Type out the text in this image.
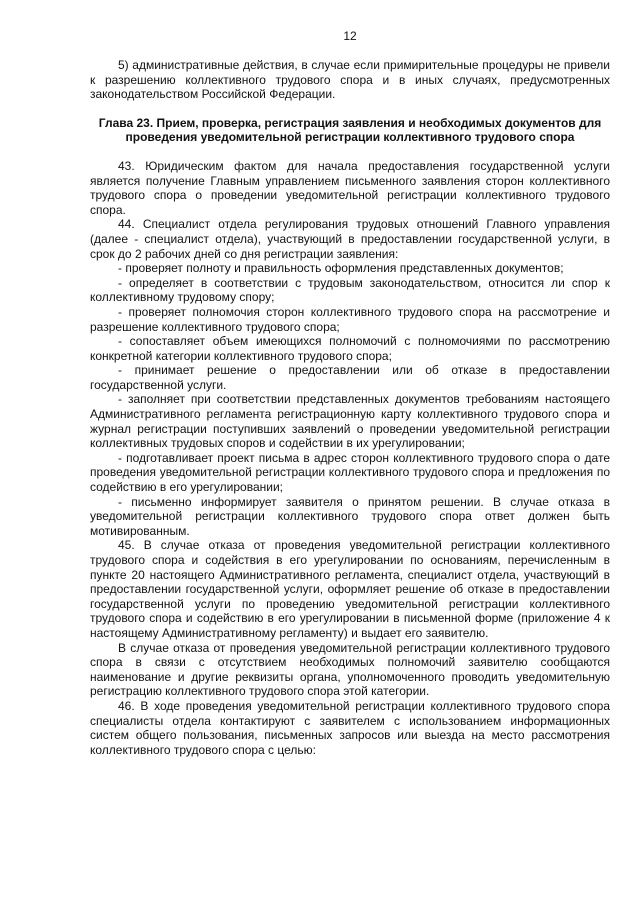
12

5) административные действия, в случае если примирительные процедуры не привели к разрешению коллективного трудового спора и в иных случаях, предусмотренных законодательством Российской Федерации.

Глава 23. Прием, проверка, регистрация заявления и необходимых документов для проведения уведомительной регистрации коллективного трудового спора

43. Юридическим фактом для начала предоставления государственной услуги является получение Главным управлением письменного заявления сторон коллективного трудового спора о проведении уведомительной регистрации коллективного трудового спора.

44. Специалист отдела регулирования трудовых отношений Главного управления (далее - специалист отдела), участвующий в предоставлении государственной услуги, в срок до 2 рабочих дней со дня регистрации заявления:

- проверяет полноту и правильность оформления представленных документов;

- определяет в соответствии с трудовым законодательством, относится ли спор к коллективному трудовому спору;

- проверяет полномочия сторон коллективного трудового спора на рассмотрение и разрешение коллективного трудового спора;

- сопоставляет объем имеющихся полномочий с полномочиями по рассмотрению конкретной категории коллективного трудового спора;

- принимает решение о предоставлении или об отказе в предоставлении государственной услуги.

- заполняет при соответствии представленных документов требованиям настоящего Административного регламента регистрационную карту коллективного трудового спора и журнал регистрации поступивших заявлений о проведении уведомительной регистрации коллективных трудовых споров и содействии в их урегулировании;

- подготавливает проект письма в адрес сторон коллективного трудового спора о дате проведения уведомительной регистрации коллективного трудового спора и предложения по содействию в его урегулировании;

- письменно информирует заявителя о принятом решении. В случае отказа в уведомительной регистрации коллективного трудового спора ответ должен быть мотивированным.

45. В случае отказа от проведения уведомительной регистрации коллективного трудового спора и содействия в его урегулировании по основаниям, перечисленным в пункте 20 настоящего Административного регламента, специалист отдела, участвующий в предоставлении государственной услуги, оформляет решение об отказе в предоставлении государственной услуги по проведению уведомительной регистрации коллективного трудового спора и содействию в его урегулировании в письменной форме (приложение 4 к настоящему Административному регламенту) и выдает его заявителю.

В случае отказа от проведения уведомительной регистрации коллективного трудового спора в связи с отсутствием необходимых полномочий заявителю сообщаются наименование и другие реквизиты органа, уполномоченного проводить уведомительную регистрацию коллективного трудового спора этой категории.

46. В ходе проведения уведомительной регистрации коллективного трудового спора специалисты отдела контактируют с заявителем с использованием информационных систем общего пользования, письменных запросов или выезда на место рассмотрения коллективного трудового спора с целью:
